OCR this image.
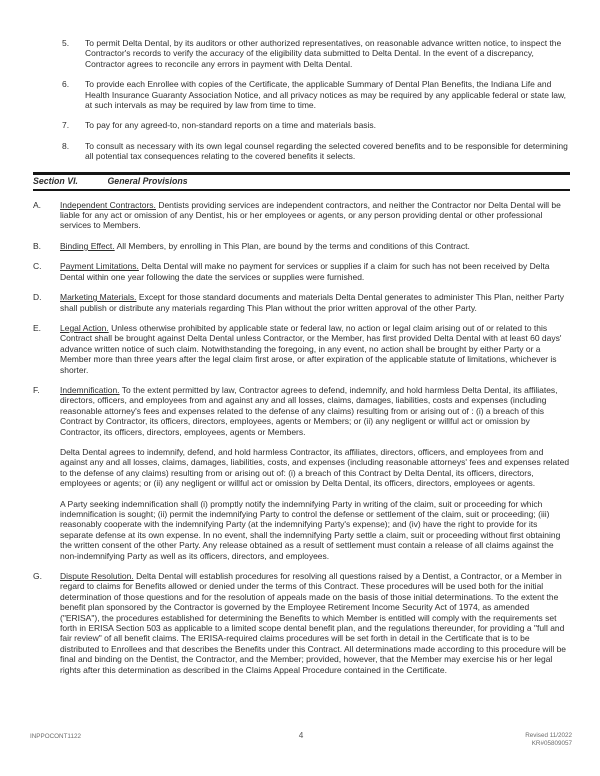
5.	To permit Delta Dental, by its auditors or other authorized representatives, on reasonable advance written notice, to inspect the Contractor's records to verify the accuracy of the eligibility data submitted to Delta Dental. In the event of a discrepancy, Contractor agrees to reconcile any errors in payment with Delta Dental.
6.	To provide each Enrollee with copies of the Certificate, the applicable Summary of Dental Plan Benefits, the Indiana Life and Health Insurance Guaranty Association Notice, and all privacy notices as may be required by any applicable federal or state law, at such intervals as may be required by law from time to time.
7.	To pay for any agreed-to, non-standard reports on a time and materials basis.
8.	To consult as necessary with its own legal counsel regarding the selected covered benefits and to be responsible for determining all potential tax consequences relating to the covered benefits it selects.
Section VI.	General Provisions
A.	Independent Contractors. Dentists providing services are independent contractors, and neither the Contractor nor Delta Dental will be liable for any act or omission of any Dentist, his or her employees or agents, or any person providing dental or other professional services to Members.
B.	Binding Effect. All Members, by enrolling in This Plan, are bound by the terms and conditions of this Contract.
C.	Payment Limitations. Delta Dental will make no payment for services or supplies if a claim for such has not been received by Delta Dental within one year following the date the services or supplies were furnished.
D.	Marketing Materials. Except for those standard documents and materials Delta Dental generates to administer This Plan, neither Party shall publish or distribute any materials regarding This Plan without the prior written approval of the other Party.
E.	Legal Action. Unless otherwise prohibited by applicable state or federal law, no action or legal claim arising out of or related to this Contract shall be brought against Delta Dental unless Contractor, or the Member, has first provided Delta Dental with at least 60 days' advance written notice of such claim. Notwithstanding the foregoing, in any event, no action shall be brought by either Party or a Member more than three years after the legal claim first arose, or after expiration of the applicable statute of limitations, whichever is shorter.
F.	Indemnification. To the extent permitted by law, Contractor agrees to defend, indemnify, and hold harmless Delta Dental, its affiliates, directors, officers, and employees from and against any and all losses, claims, damages, liabilities, costs and expenses (including reasonable attorney's fees and expenses related to the defense of any claims) resulting from or arising out of : (i) a breach of this Contract by Contractor, its officers, directors, employees, agents or Members; or (ii) any negligent or willful act or omission by Contractor, its officers, directors, employees, agents or Members.

Delta Dental agrees to indemnify, defend, and hold harmless Contractor, its affiliates, directors, officers, and employees from and against any and all losses, claims, damages, liabilities, costs, and expenses (including reasonable attorneys' fees and expenses related to the defense of any claims) resulting from or arising out of: (i) a breach of this Contract by Delta Dental, its officers, directors, employees or agents; or (ii) any negligent or willful act or omission by Delta Dental, its officers, directors, employees or agents.

A Party seeking indemnification shall (i) promptly notify the indemnifying Party in writing of the claim, suit or proceeding for which indemnification is sought; (ii) permit the indemnifying Party to control the defense or settlement of the claim, suit or proceeding; (iii) reasonably cooperate with the indemnifying Party (at the indemnifying Party's expense); and (iv) have the right to provide for its separate defense at its own expense. In no event, shall the indemnifying Party settle a claim, suit or proceeding without first obtaining the written consent of the other Party. Any release obtained as a result of settlement must contain a release of all claims against the non-indemnifying Party as well as its officers, directors, and employees.

G.	Dispute Resolution. Delta Dental will establish procedures for resolving all questions raised by a Dentist, a Contractor, or a Member in regard to claims for Benefits allowed or denied under the terms of this Contract. These procedures will be used both for the initial determination of those questions and for the resolution of appeals made on the basis of those initial determinations. To the extent the benefit plan sponsored by the Contractor is governed by the Employee Retirement Income Security Act of 1974, as amended ("ERISA"), the procedures established for determining the Benefits to which Member is entitled will comply with the requirements set forth in ERISA Section 503 as applicable to a limited scope dental benefit plan, and the regulations thereunder, for providing a "full and fair review" of all benefit claims. The ERISA-required claims procedures will be set forth in detail in the Certificate that is to be distributed to Enrollees and that describes the Benefits under this Contract. All determinations made according to this procedure will be final and binding on the Dentist, the Contractor, and the Member; provided, however, that the Member may exercise his or her legal rights after this determination as described in the Claims Appeal Procedure contained in the Certificate.
INPPOCONT1122	4	Revised 11/2022
KR#05809057
